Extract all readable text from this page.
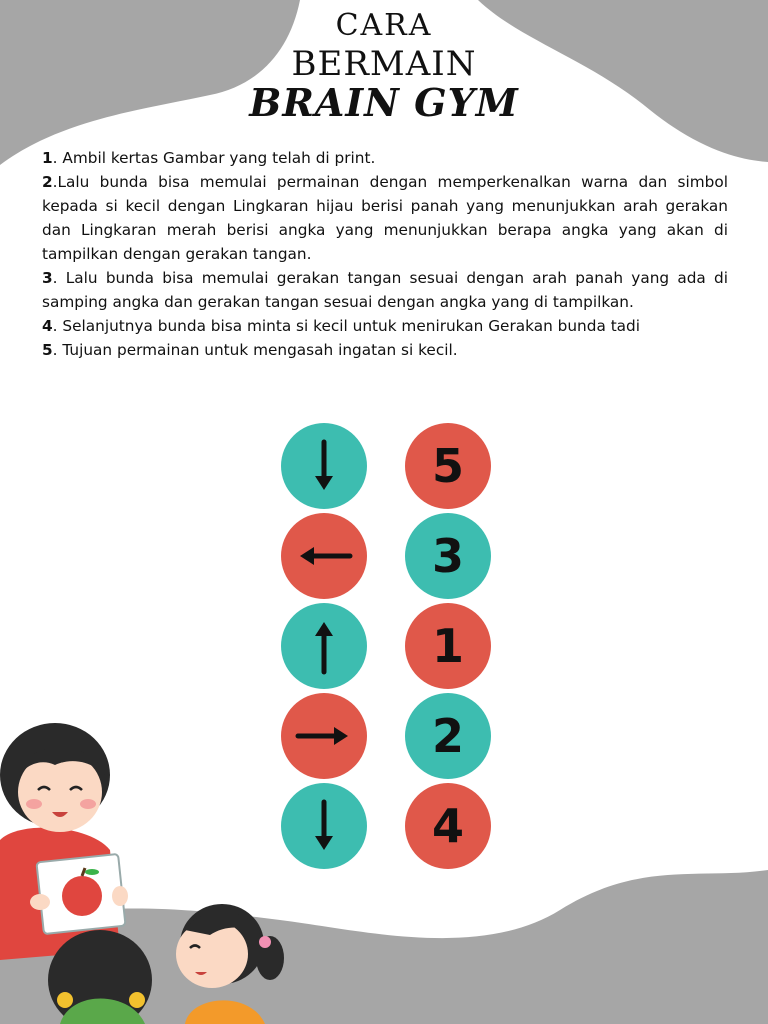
CARA
BERMAIN
BRAIN GYM

1. Ambil kertas Gambar yang telah di print.

2.Lalu bunda bisa memulai permainan dengan memperkenalkan warna dan simbol kepada si kecil dengan Lingkaran hijau berisi panah yang menunjukkan arah gerakan dan Lingkaran merah berisi angka yang menunjukkan berapa angka yang akan di tampilkan dengan gerakan tangan.

3. Lalu bunda bisa memulai gerakan tangan sesuai dengan arah panah yang ada di samping angka dan gerakan tangan sesuai dengan angka yang di tampilkan.

4. Selanjutnya bunda bisa minta si kecil untuk menirukan Gerakan bunda tadi

5. Tujuan permainan untuk mengasah ingatan si kecil.

5
3
1
2
4
